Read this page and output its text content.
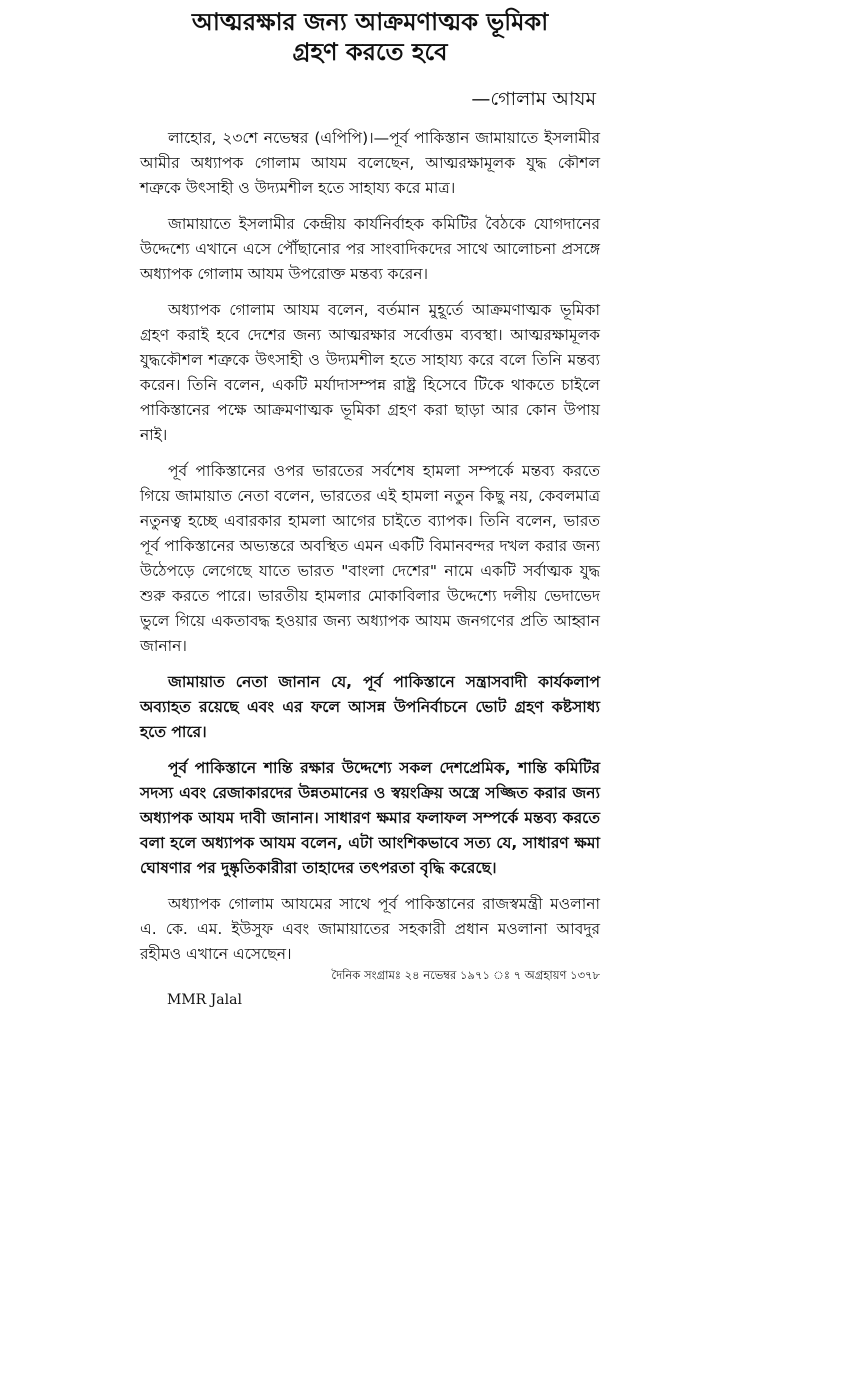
আত্মরক্ষার জন্য আক্রমণাত্মক ভূমিকা
গ্রহণ করতে হবে
—গোলাম আযম

লাহোর, ২৩শে নভেম্বর (এপিপি)।—পূর্ব পাকিস্তান জামায়াতে ইসলামীর আমীর অধ্যাপক গোলাম আযম বলেছেন, আত্মরক্ষামূলক যুদ্ধ কৌশল শত্রুকে উৎসাহী ও উদ্যমশীল হতে সাহায্য করে মাত্র।

জামায়াতে ইসলামীর কেন্দ্রীয় কার্যনির্বাহক কমিটির বৈঠকে যোগদানের উদ্দেশ্যে এখানে এসে পৌঁছানোর পর সাংবাদিকদের সাথে আলোচনা প্রসঙ্গে অধ্যাপক গোলাম আযম উপরোক্ত মন্তব্য করেন।

অধ্যাপক গোলাম আযম বলেন, বর্তমান মুহূর্তে আক্রমণাত্মক ভূমিকা গ্রহণ করাই হবে দেশের জন্য আত্মরক্ষার সর্বোত্তম ব্যবস্থা। আত্মরক্ষামূলক যুদ্ধকৌশল শত্রুকে উৎসাহী ও উদ্যমশীল হতে সাহায্য করে বলে তিনি মন্তব্য করেন। তিনি বলেন, একটি মর্যাদাসম্পন্ন রাষ্ট্র হিসেবে টিকে থাকতে চাইলে পাকিস্তানের পক্ষে আক্রমণাত্মক ভূমিকা গ্রহণ করা ছাড়া আর কোন উপায় নাই।

পূর্ব পাকিস্তানের ওপর ভারতের সর্বশেষ হামলা সম্পর্কে মন্তব্য করতে গিয়ে জামায়াত নেতা বলেন, ভারতের এই হামলা নতুন কিছু নয়, কেবলমাত্র নতুনত্ব হচ্ছে এবারকার হামলা আগের চাইতে ব্যাপক। তিনি বলেন, ভারত পূর্ব পাকিস্তানের অভ্যন্তরে অবস্থিত এমন একটি বিমানবন্দর দখল করার জন্য উঠেপড়ে লেগেছে যাতে ভারত "বাংলা দেশের" নামে একটি সর্বাত্মক যুদ্ধ শুরু করতে পারে। ভারতীয় হামলার মোকাবিলার উদ্দেশ্যে দলীয় ভেদাভেদ ভুলে গিয়ে একতাবদ্ধ হওয়ার জন্য অধ্যাপক আযম জনগণের প্রতি আহ্বান জানান।

জামায়াত নেতা জানান যে, পূর্ব পাকিস্তানে সন্ত্রাসবাদী কার্যকলাপ অব্যাহত রয়েছে এবং এর ফলে আসন্ন উপনির্বাচনে ভোট গ্রহণ কষ্টসাধ্য হতে পারে।

পূর্ব পাকিস্তানে শান্তি রক্ষার উদ্দেশ্যে সকল দেশপ্রেমিক, শান্তি কমিটির সদস্য এবং রেজাকারদের উন্নতমানের ও স্বয়ংক্রিয় অস্ত্রে সজ্জিত করার জন্য অধ্যাপক আযম দাবী জানান। সাধারণ ক্ষমার ফলাফল সম্পর্কে মন্তব্য করতে বলা হলে অধ্যাপক আযম বলেন, এটা আংশিকভাবে সত্য যে, সাধারণ ক্ষমা ঘোষণার পর দুষ্কৃতিকারীরা তাহাদের তৎপরতা বৃদ্ধি করেছে।

অধ্যাপক গোলাম আযমের সাথে পূর্ব পাকিস্তানের রাজস্বমন্ত্রী মওলানা এ. কে. এম. ইউসুফ এবং জামায়াতের সহকারী প্রধান মওলানা আবদুর রহীমও এখানে এসেছেন।

দৈনিক সংগ্রামঃ ২৪ নভেম্বর ১৯৭১ ঃ ৭ অগ্রহায়ণ ১৩৭৮
MMR Jalal
